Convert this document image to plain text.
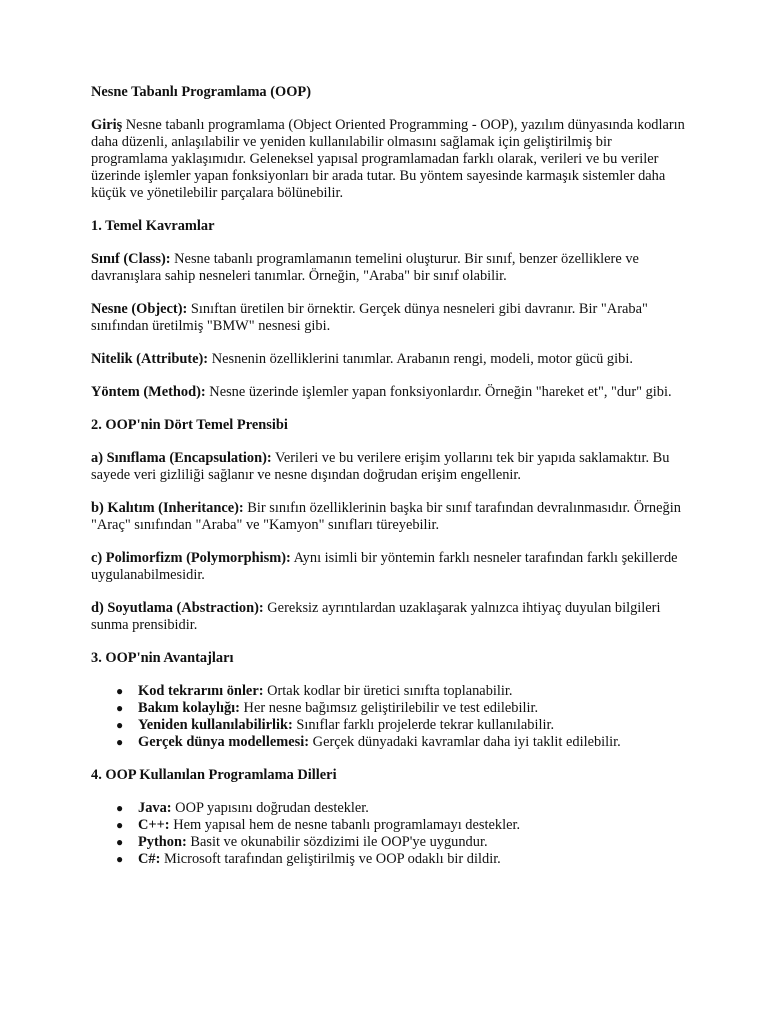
Nesne Tabanlı Programlama (OOP)

Giriş Nesne tabanlı programlama (Object Oriented Programming - OOP), yazılım dünyasında kodların daha düzenli, anlaşılabilir ve yeniden kullanılabilir olmasını sağlamak için geliştirilmiş bir programlama yaklaşımıdır. Geleneksel yapısal programlamadan farklı olarak, verileri ve bu veriler üzerinde işlemler yapan fonksiyonları bir arada tutar. Bu yöntem sayesinde karmaşık sistemler daha küçük ve yönetilebilir parçalara bölünebilir.

1. Temel Kavramlar

Sınıf (Class): Nesne tabanlı programlamanın temelini oluşturur. Bir sınıf, benzer özelliklere ve davranışlara sahip nesneleri tanımlar. Örneğin, "Araba" bir sınıf olabilir.

Nesne (Object): Sınıftan üretilen bir örnektir. Gerçek dünya nesneleri gibi davranır. Bir "Araba" sınıfından üretilmiş "BMW" nesnesi gibi.

Nitelik (Attribute): Nesnenin özelliklerini tanımlar. Arabanın rengi, modeli, motor gücü gibi.

Yöntem (Method): Nesne üzerinde işlemler yapan fonksiyonlardır. Örneğin "hareket et", "dur" gibi.

2. OOP'nin Dört Temel Prensibi

a) Sınıflama (Encapsulation): Verileri ve bu verilere erişim yollarını tek bir yapıda saklamaktır. Bu sayede veri gizliliği sağlanır ve nesne dışından doğrudan erişim engellenir.

b) Kalıtım (Inheritance): Bir sınıfın özelliklerinin başka bir sınıf tarafından devralınmasıdır. Örneğin "Araç" sınıfından "Araba" ve "Kamyon" sınıfları türeyebilir.

c) Polimorfizm (Polymorphism): Aynı isimli bir yöntemin farklı nesneler tarafından farklı şekillerde uygulanabilmesidir.

d) Soyutlama (Abstraction): Gereksiz ayrıntılardan uzaklaşarak yalnızca ihtiyaç duyulan bilgileri sunma prensibidir.

3. OOP'nin Avantajları

● Kod tekrarını önler: Ortak kodlar bir üretici sınıfta toplanabilir.
● Bakım kolaylığı: Her nesne bağımsız geliştirilebilir ve test edilebilir.
● Yeniden kullanılabilirlik: Sınıflar farklı projelerde tekrar kullanılabilir.
● Gerçek dünya modellemesi: Gerçek dünyadaki kavramlar daha iyi taklit edilebilir.

4. OOP Kullanılan Programlama Dilleri

● Java: OOP yapısını doğrudan destekler.
● C++: Hem yapısal hem de nesne tabanlı programlamayı destekler.
● Python: Basit ve okunabilir sözdizimi ile OOP'ye uygundur.
● C#: Microsoft tarafından geliştirilmiş ve OOP odaklı bir dildir.
